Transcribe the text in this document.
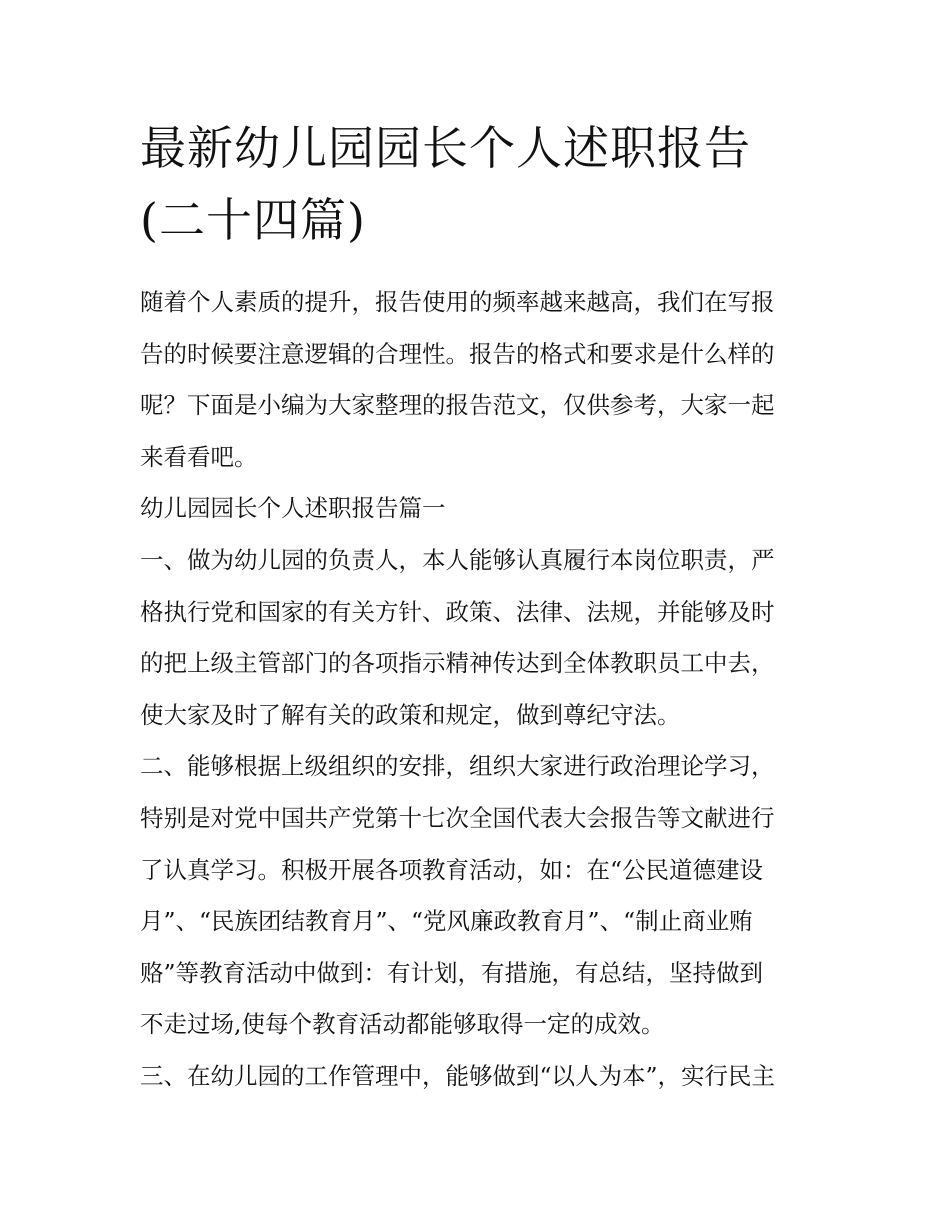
最新幼儿园园长个人述职报告
(二十四篇)
随着个人素质的提升，报告使用的频率越来越高，我们在写报
告的时候要注意逻辑的合理性。报告的格式和要求是什么样的
呢？下面是小编为大家整理的报告范文，仅供参考，大家一起
来看看吧。
幼儿园园长个人述职报告篇一
一、做为幼儿园的负责人，本人能够认真履行本岗位职责，严
格执行党和国家的有关方针、政策、法律、法规，并能够及时
的把上级主管部门的各项指示精神传达到全体教职员工中去，
使大家及时了解有关的政策和规定，做到尊纪守法。
二、能够根据上级组织的安排，组织大家进行政治理论学习，
特别是对党中国共产党第十七次全国代表大会报告等文献进行
了认真学习。积极开展各项教育活动，如：在“公民道德建设
月”、“民族团结教育月”、“党风廉政教育月”、“制止商业贿
赂”等教育活动中做到：有计划，有措施，有总结，坚持做到
不走过场,使每个教育活动都能够取得一定的成效。
三、在幼儿园的工作管理中，能够做到“以人为本”，实行民主
